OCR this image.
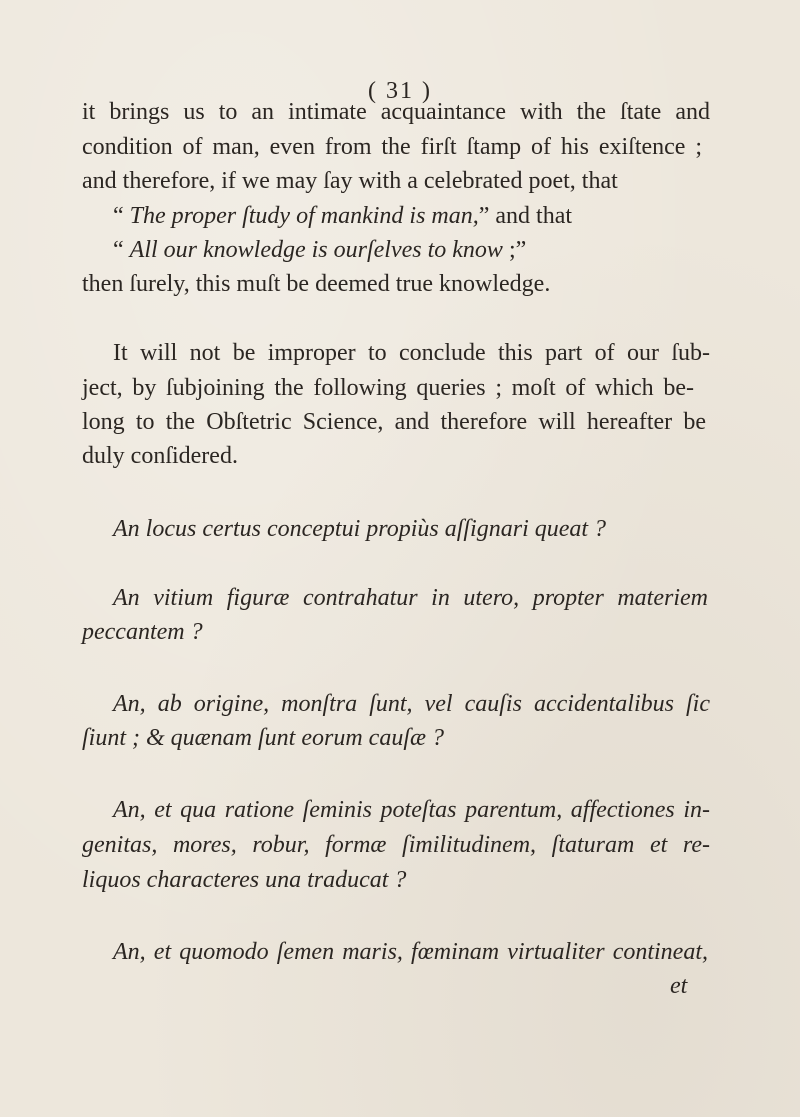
( 31 )
it brings us to an intimate acquaintance with the ſtate and
condition of man, even from the firſt ſtamp of his exiſtence ;
and therefore, if we may ſay with a celebrated poet, that
“ The proper ſtudy of mankind is man,” and that
“ All our knowledge is ourſelves to know ;”
then ſurely, this muſt be deemed true knowledge.
It will not be improper to conclude this part of our ſub-
ject, by ſubjoining the following queries ; moſt of which be-
long to the Obſtetric Science, and therefore will hereafter be
duly conſidered.
An locus certus conceptui propiùs aſſignari queat ?
An vitium figuræ contrahatur in utero, propter materiem
peccantem ?
An, ab origine, monſtra ſunt, vel cauſis accidentalibus ſic
ſiunt ; & quænam ſunt eorum cauſæ ?
An, et qua ratione ſeminis poteſtas parentum, affectiones in-
genitas, mores, robur, formæ ſimilitudinem, ſtaturam et re-
liquos characteres una traducat ?
An, et quomodo ſemen maris, fœminam virtualiter contineat,
et
